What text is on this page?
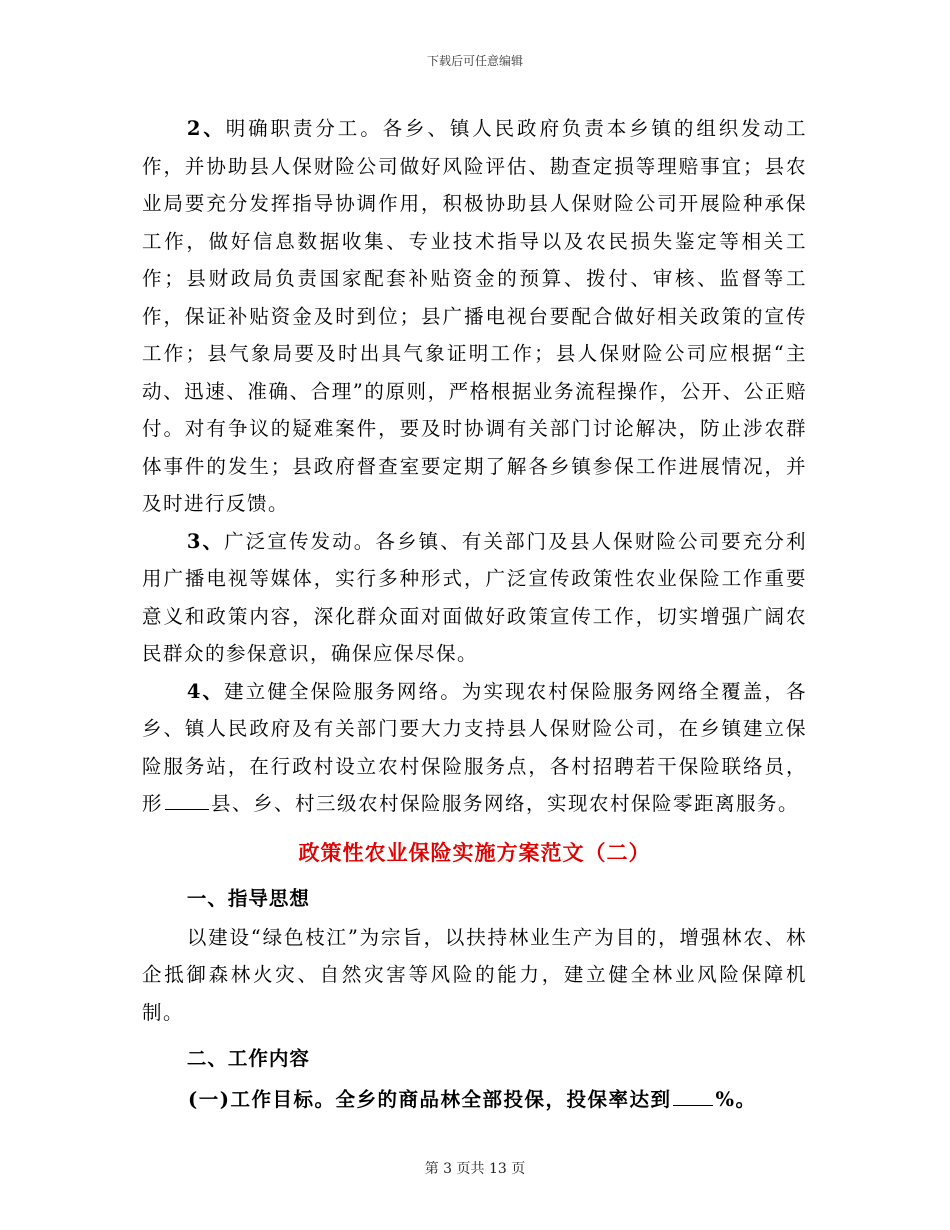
下载后可任意编辑

2、明确职责分工。各乡、镇人民政府负责本乡镇的组织发动工作，并协助县人保财险公司做好风险评估、勘查定损等理赔事宜；县农业局要充分发挥指导协调作用，积极协助县人保财险公司开展险种承保工作，做好信息数据收集、专业技术指导以及农民损失鉴定等相关工作；县财政局负责国家配套补贴资金的预算、拨付、审核、监督等工作，保证补贴资金及时到位；县广播电视台要配合做好相关政策的宣传工作；县气象局要及时出具气象证明工作；县人保财险公司应根据“主动、迅速、准确、合理”的原则，严格根据业务流程操作，公开、公正赔付。对有争议的疑难案件，要及时协调有关部门讨论解决，防止涉农群体事件的发生；县政府督查室要定期了解各乡镇参保工作进展情况，并及时进行反馈。

3、广泛宣传发动。各乡镇、有关部门及县人保财险公司要充分利用广播电视等媒体，实行多种形式，广泛宣传政策性农业保险工作重要意义和政策内容，深化群众面对面做好政策宣传工作，切实增强广阔农民群众的参保意识，确保应保尽保。

4、建立健全保险服务网络。为实现农村保险服务网络全覆盖，各乡、镇人民政府及有关部门要大力支持县人保财险公司，在乡镇建立保险服务站，在行政村设立农村保险服务点，各村招聘若干保险联络员，形 县、乡、村三级农村保险服务网络，实现农村保险零距离服务。

政策性农业保险实施方案范文（二）

一、指导思想

以建设“绿色枝江”为宗旨，以扶持林业生产为目的，增强林农、林企抵御森林火灾、自然灾害等风险的能力，建立健全林业风险保障机制。

二、工作内容

(一)工作目标。全乡的商品林全部投保，投保率达到 %。

第 3 页共 13 页
